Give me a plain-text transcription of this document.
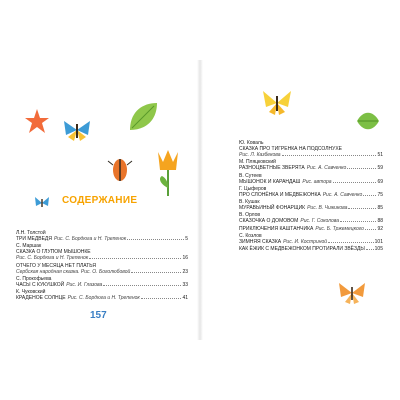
СОДЕРЖАНИЕ
Л.Н. Толстой
ТРИ МЕДВЕДЯ Рис. С. Бордюга и Н. Трепенок	5
С. Маршак
СКАЗКА О ГЛУПОМ МЫШОНКЕ
Рис. С. Бордюга и Н. Трепенок	16
ОТЧЕГО У МЕСЯЦА НЕТ ПЛАТЬЯ
Сербская народная сказка. Рис. О. Боголюбовой	23
С. Прокофьева
ЧАСЫ С КУКУШКОЙ Рис. И. Глазова	33
К. Чуковский
КРАДЕНОЕ СОЛНЦЕ Рис. С. Бордюга и Н. Трепенок	41
157
Ю. Коваль
СКАЗКА ПРО ТИГРЕНКА НА ПОДСОЛНУХЕ
Рис. Л. Казбекова	51
М. Пляцковский
РАЗНОЦВЕТНЫЕ ЗВЕРЯТА Рис. А. Савченко	59
В. Сутеев
МЫШОНОК И КАРАНДАШ Рис. автора	69
Г. Цыферов
ПРО СЛОНЁНКА И МЕДВЕЖОНКА Рис. А. Савченко	75
В. Кушак
МУРАВЬИНЫЙ ФОНАРЩИК Рис. В. Чижикова	85
В. Орлов
СКАЗОЧКА О ДОМОВОМ Рис. Г. Соколова	88
ПРИКЛЮЧЕНИЯ КАШТАНЧИКА Рис. Б. Тржемецкого	92
С. Козлов
ЗИМНЯЯ СКАЗКА Рис. И. Костриной	101
КАК ЁЖИК С МЕДВЕЖОНКОМ ПРОТИРАЛИ ЗВЁЗДЫ 105
